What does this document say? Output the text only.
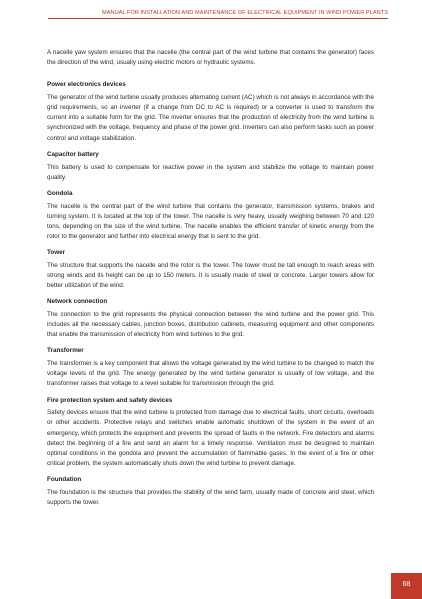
MANUAL FOR INSTALLATION AND MAINTENANCE OF ELECTRICAL EQUIPMENT IN WIND POWER PLANTS

A nacelle yaw system ensures that the nacelle (the central part of the wind turbine that contains the generator) faces the direction of the wind, usually using electric motors or hydraulic systems.

Power electronics devices

The generator of the wind turbine usually produces alternating current (AC) which is not always in accordance with the grid requirements, so an inverter (if a change from DC to AC is required) or a converter is used to transform the current into a suitable form for the grid. The inverter ensures that the production of electricity from the wind turbine is synchronized with the voltage, frequency and phase of the power grid. Inverters can also perform tasks such as power control and voltage stabilization.

Capacitor battery

This battery is used to compensate for reactive power in the system and stabilize the voltage to maintain power quality.

Gondola

The nacelle is the central part of the wind turbine that contains the generator, transmission systems, brakes and turning system. It is located at the top of the tower. The nacelle is very heavy, usually weighing between 70 and 120 tons, depending on the size of the wind turbine. The nacelle enables the efficient transfer of kinetic energy from the rotor to the generator and further into electrical energy that is sent to the grid.

Tower

The structure that supports the nacelle and the rotor is the tower. The tower must be tall enough to reach areas with strong winds and its height can be up to 150 meters. It is usually made of steel or concrete. Larger towers allow for better utilization of the wind.

Network connection

The connection to the grid represents the physical connection between the wind turbine and the power grid. This includes all the necessary cables, junction boxes, distribution cabinets, measuring equipment and other components that enable the transmission of electricity from wind turbines to the grid.

Transformer

The transformer is a key component that allows the voltage generated by the wind turbine to be changed to match the voltage levels of the grid. The energy generated by the wind turbine generator is usually of low voltage, and the transformer raises that voltage to a level suitable for transmission through the grid.

Fire protection system and safety devices

Safety devices ensure that the wind turbine is protected from damage due to electrical faults, short circuits, overloads or other accidents. Protective relays and switches enable automatic shutdown of the system in the event of an emergency, which protects the equipment and prevents the spread of faults in the network. Fire detectors and alarms detect the beginning of a fire and send an alarm for a timely response. Ventilation must be designed to maintain optimal conditions in the gondola and prevent the accumulation of flammable gases. In the event of a fire or other critical problem, the system automatically shuts down the wind turbine to prevent damage.

Foundation

The foundation is the structure that provides the stability of the wind farm, usually made of concrete and steel, which supports the tower.

68
